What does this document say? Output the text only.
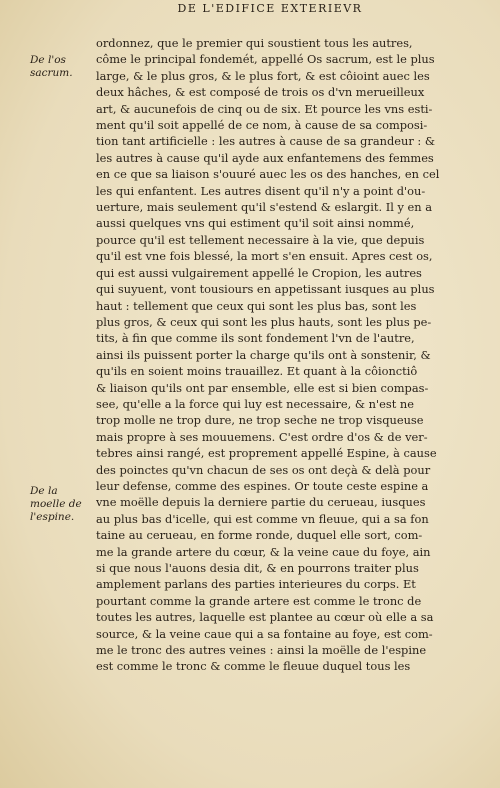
DE L'EDIFICE EXTERIEVR
De l'os sacrum.
De la moelle de l'espine.
ordonnez, que le premier qui soustient tous les autres,
côme le principal fondemét, appellé Os sacrum, est le plus
large, & le plus gros, & le plus fort, & est côioint auec les
deux hâches, & est composé de trois os d'vn merueilleux
art, & aucunefois de cinq ou de six. Et pource les vns esti-
ment qu'il soit appellé de ce nom, à cause de sa composi-
tion tant artificielle : les autres à cause de sa grandeur : &
les autres à cause qu'il ayde aux enfantemens des femmes
en ce que sa liaison s'ouuré auec les os des hanches, en cel
les qui enfantent. Les autres disent qu'il n'y a point d'ou-
uerture, mais seulement qu'il s'estend & eslargit. Il y en a
aussi quelques vns qui estiment qu'il soit ainsi nommé,
pource qu'il est tellement necessaire à la vie, que depuis
qu'il est vne fois blessé, la mort s'en ensuit. Apres cest os,
qui est aussi vulgairement appellé le Cropion, les autres
qui suyuent, vont tousiours en appetissant iusques au plus
haut : tellement que ceux qui sont les plus bas, sont les
plus gros, & ceux qui sont les plus hauts, sont les plus pe-
tits, à fin que comme ils sont fondement l'vn de l'autre,
ainsi ils puissent porter la charge qu'ils ont à sonstenir, &
qu'ils en soient moins trauaillez. Et quant à la côionctiô
& liaison qu'ils ont par ensemble, elle est si bien compas-
see, qu'elle a la force qui luy est necessaire, & n'est ne
trop molle ne trop dure, ne trop seche ne trop visqueuse
mais propre à ses mouuemens. C'est ordre d'os & de ver-
tebres ainsi rangé, est proprement appellé Espine, à cause
des poinctes qu'vn chacun de ses os ont deçà & delà pour
leur defense, comme des espines. Or toute ceste espine a
vne moëlle depuis la derniere partie du cerueau, iusques
au plus bas d'icelle, qui est comme vn fleuue, qui a sa fon
taine au cerueau, en forme ronde, duquel elle sort, com-
me la grande artere du cœur, & la veine caue du foye, ain
si que nous l'auons desia dit, & en pourrons traiter plus
amplement parlans des parties interieures du corps. Et
pourtant comme la grande artere est comme le tronc de
toutes les autres, laquelle est plantee au cœur où elle a sa
source, & la veine caue qui a sa fontaine au foye, est com-
me le tronc des autres veines : ainsi la moëlle de l'espine
est comme le tronc & comme le fleuue duquel tous les
